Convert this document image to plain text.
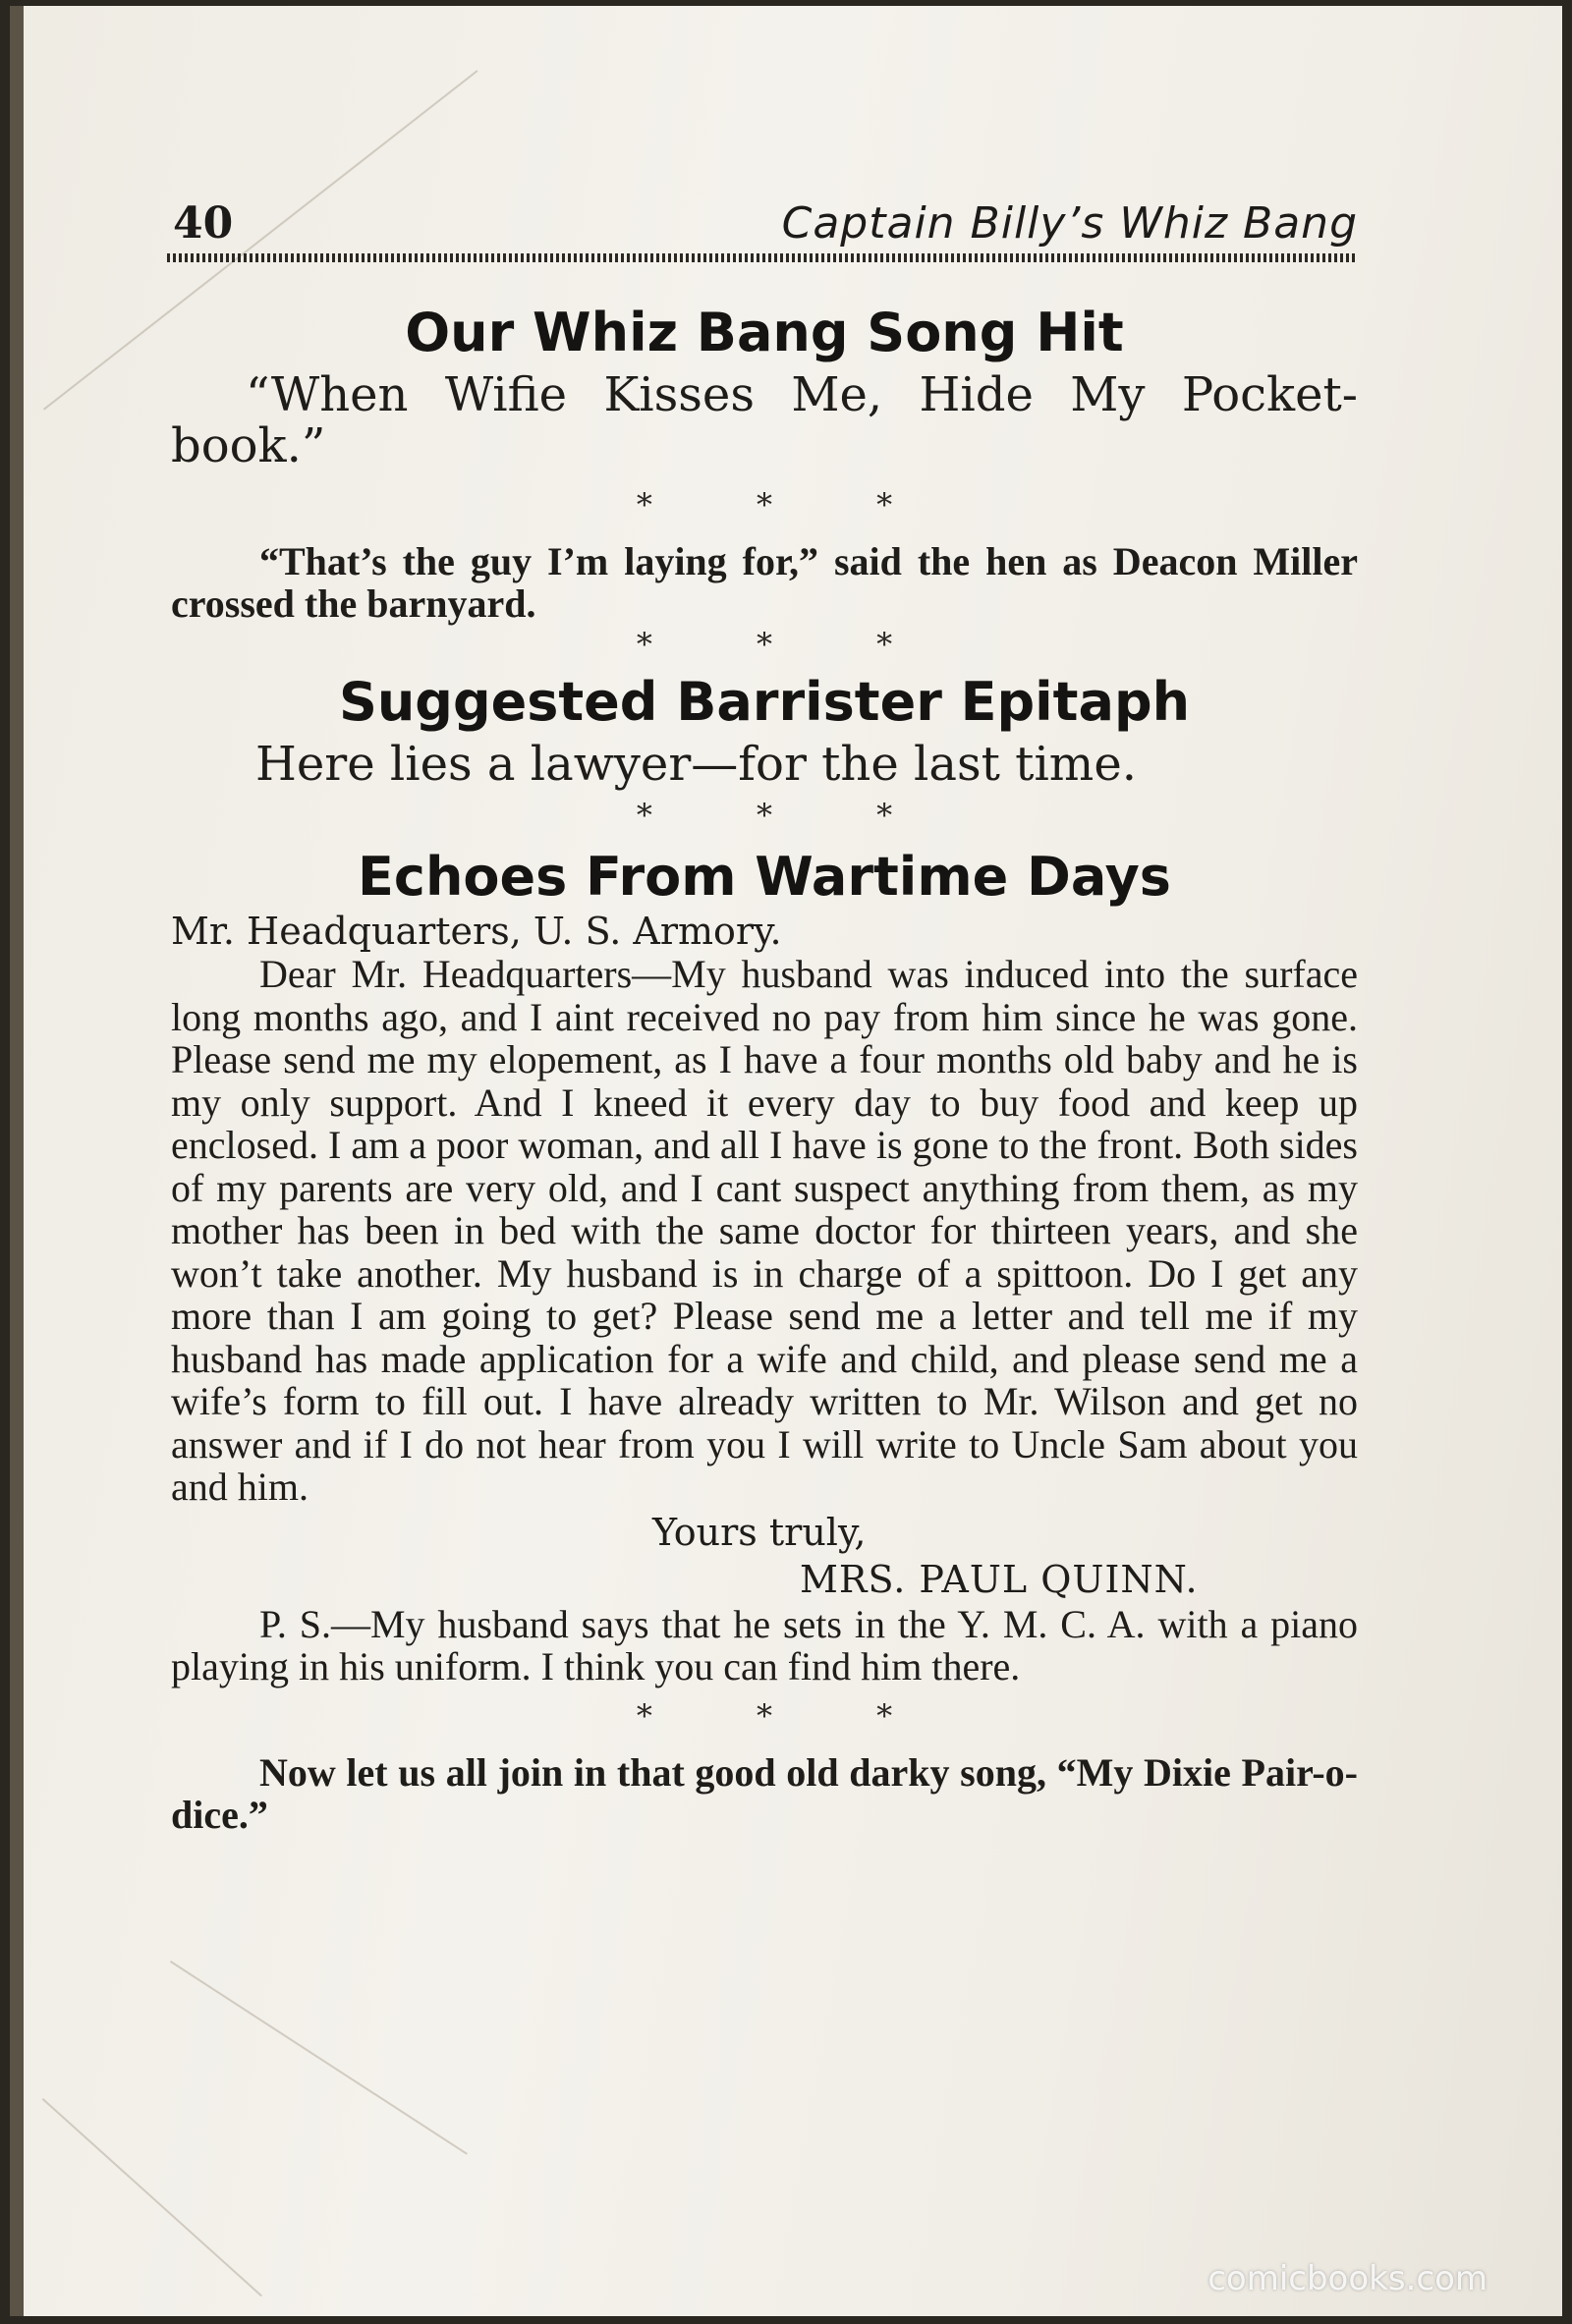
40	Captain Billy’s Whiz Bang
Our Whiz Bang Song Hit

“When Wifie Kisses Me, Hide My Pocket-book.”

* * *

“That’s the guy I’m laying for,” said the hen as Deacon Miller crossed the barnyard.

* * *
Suggested Barrister Epitaph

Here lies a lawyer—for the last time.

* * *
Echoes From Wartime Days

Mr. Headquarters, U. S. Armory.

Dear Mr. Headquarters—My husband was induced into the surface long months ago, and I aint received no pay from him since he was gone. Please send me my elopement, as I have a four months old baby and he is my only support. And I kneed it every day to buy food and keep up enclosed. I am a poor woman, and all I have is gone to the front. Both sides of my parents are very old, and I cant suspect anything from them, as my mother has been in bed with the same doctor for thirteen years, and she won’t take another. My husband is in charge of a spittoon. Do I get any more than I am going to get? Please send me a letter and tell me if my husband has made application for a wife and child, and please send me a wife’s form to fill out. I have already written to Mr. Wilson and get no answer and if I do not hear from you I will write to Uncle Sam about you and him.

Yours truly,

MRS. PAUL QUINN.

P. S.—My husband says that he sets in the Y. M. C. A. with a piano playing in his uniform. I think you can find him there.

* * *

Now let us all join in that good old darky song, “My Dixie Pair-o-dice.”

comicbooks.com
